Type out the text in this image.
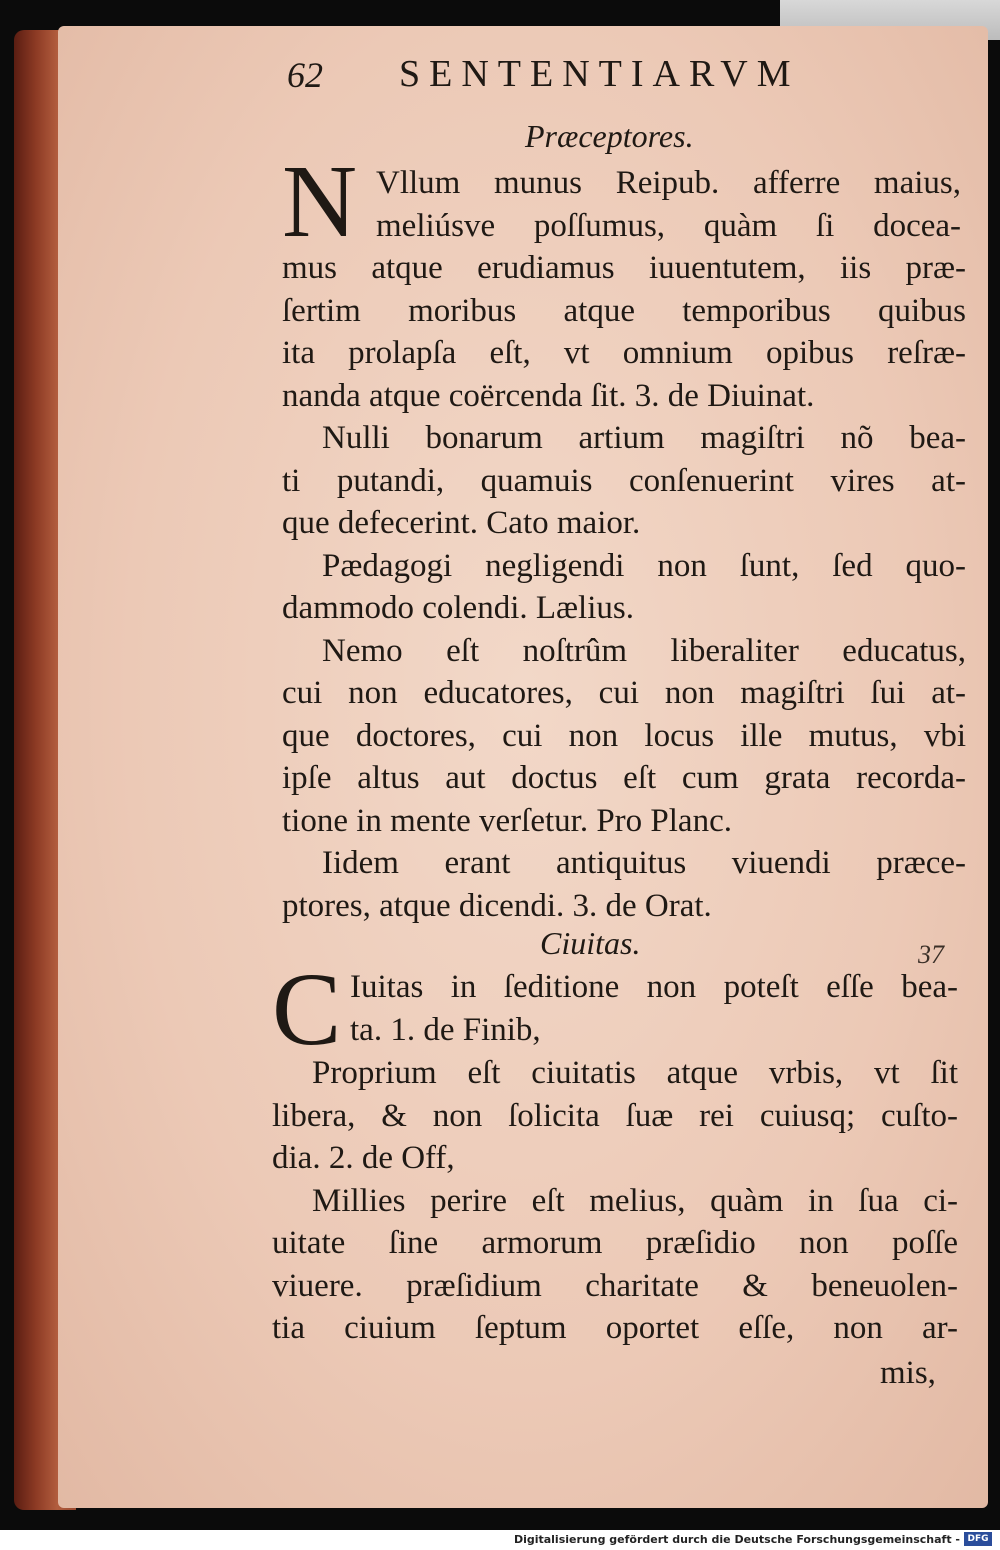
62 SENTENTIARVM
Præceptores.
N Vllum munus Reipub. afferre maius,
meliúsve poſſumus, quàm ſi docea-
mus atque erudiamus iuuentutem, iis præ-
ſertim moribus atque temporibus quibus
ita prolapſa eſt, vt omnium opibus reſræ-
nanda atque coërcenda ſit. 3. de Diuinat.
Nulli bonarum artium magiſtri nõ bea-
ti putandi, quamuis conſenuerint vires at-
que defecerint. Cato maior.
Pædagogi negligendi non ſunt, ſed quo-
dammodo colendi. Lælius.
Nemo eſt noſtrûm liberaliter educatus,
cui non educatores, cui non magiſtri ſui at-
que doctores, cui non locus ille mutus, vbi
ipſe altus aut doctus eſt cum grata recorda-
tione in mente verſetur. Pro Planc.
Iidem erant antiquitus viuendi præce-
ptores, atque dicendi. 3. de Orat.
Ciuitas.	37
C Iuitas in ſeditione non poteſt eſſe bea-
ta. 1. de Finib,
Proprium eſt ciuitatis atque vrbis, vt ſit
libera, & non ſolicita ſuæ rei cuiusq; cuſto-
dia. 2. de Off,
Millies perire eſt melius, quàm in ſua ci-
uitate ſine armorum præſidio non poſſe
viuere. præſidium charitate & beneuolen-
tia ciuium ſeptum oportet eſſe, non ar-
mis,
Digitalisierung gefördert durch die Deutsche Forschungsgemeinschaft - DFG
